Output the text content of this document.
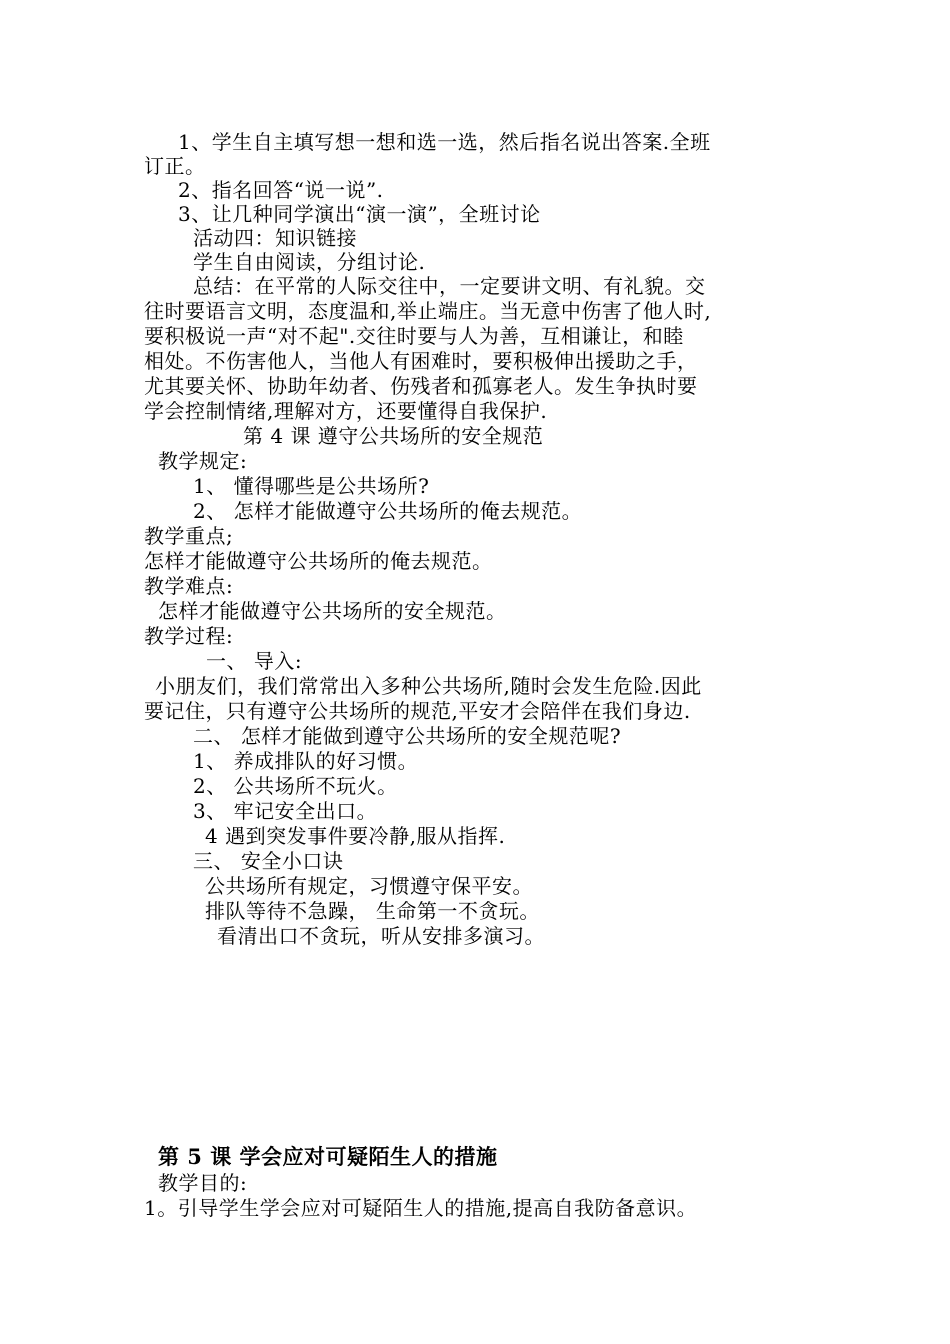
1、学生自主填写想一想和选一选，然后指名说出答案.全班
订正。
2、指名回答“说一说”.
3、让几种同学演出“演一演”，全班讨论
活动四：知识链接
学生自由阅读，分组讨论.
总结：在平常的人际交往中，一定要讲文明、有礼貌。交
往时要语言文明，态度温和,举止端庄。当无意中伤害了他人时,
要积极说一声“对不起".交往时要与人为善，互相谦让，和睦
相处。不伤害他人，当他人有困难时，要积极伸出援助之手，
尤其要关怀、协助年幼者、伤残者和孤寡老人。发生争执时要
学会控制情绪,理解对方，还要懂得自我保护.
第 4 课 遵守公共场所的安全规范
教学规定:
1、 懂得哪些是公共场所?
2、 怎样才能做遵守公共场所的俺去规范。
教学重点;
怎样才能做遵守公共场所的俺去规范。
教学难点:
怎样才能做遵守公共场所的安全规范。
教学过程:
一、 导入:
小朋友们，我们常常出入多种公共场所,随时会发生危险.因此
要记住，只有遵守公共场所的规范,平安才会陪伴在我们身边.
二、 怎样才能做到遵守公共场所的安全规范呢?
1、 养成排队的好习惯。
2、 公共场所不玩火。
3、 牢记安全出口。
4 遇到突发事件要冷静,服从指挥.
三、 安全小口诀
公共场所有规定，习惯遵守保平安。
排队等待不急躁， 生命第一不贪玩。
看清出口不贪玩，听从安排多演习。
第 5 课 学会应对可疑陌生人的措施
教学目的:
1。引导学生学会应对可疑陌生人的措施,提高自我防备意识。
